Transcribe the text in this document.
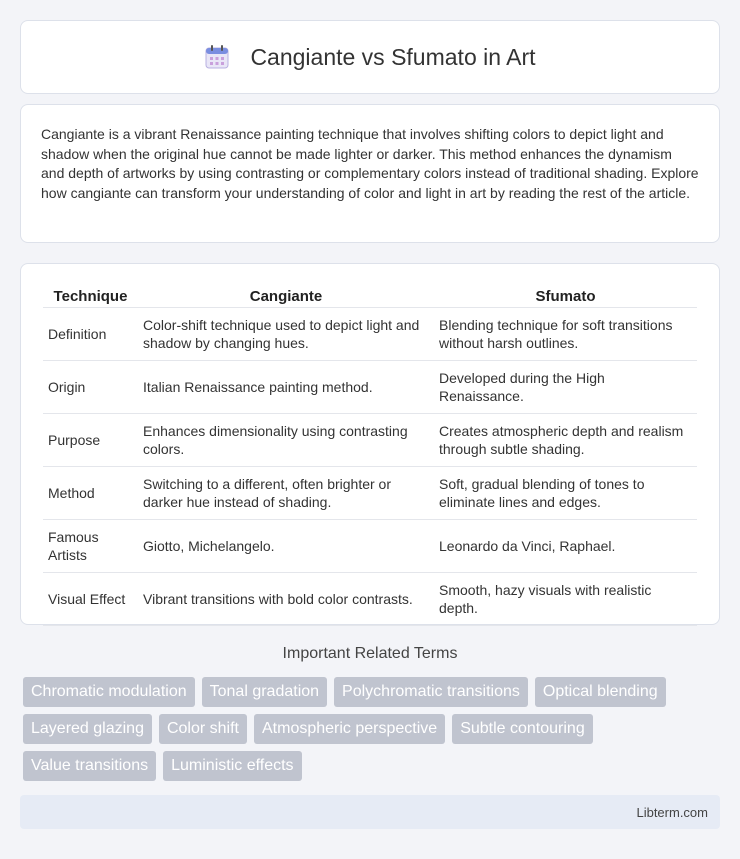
Cangiante vs Sfumato in Art

Cangiante is a vibrant Renaissance painting technique that involves shifting colors to depict light and shadow when the original hue cannot be made lighter or darker. This method enhances the dynamism and depth of artworks by using contrasting or complementary colors instead of traditional shading. Explore how cangiante can transform your understanding of color and light in art by reading the rest of the article.

Technique	Cangiante	Sfumato
Definition	Color-shift technique used to depict light and shadow by changing hues.	Blending technique for soft transitions without harsh outlines.
Origin	Italian Renaissance painting method.	Developed during the High Renaissance.
Purpose	Enhances dimensionality using contrasting colors.	Creates atmospheric depth and realism through subtle shading.
Method	Switching to a different, often brighter or darker hue instead of shading.	Soft, gradual blending of tones to eliminate lines and edges.
Famous Artists	Giotto, Michelangelo.	Leonardo da Vinci, Raphael.
Visual Effect	Vibrant transitions with bold color contrasts.	Smooth, hazy visuals with realistic depth.
Important Related Terms
Chromatic modulation	Tonal gradation	Polychromatic transitions	Optical blending
Layered glazing	Color shift	Atmospheric perspective	Subtle contouring
Value transitions	Luministic effects
Libterm.com
